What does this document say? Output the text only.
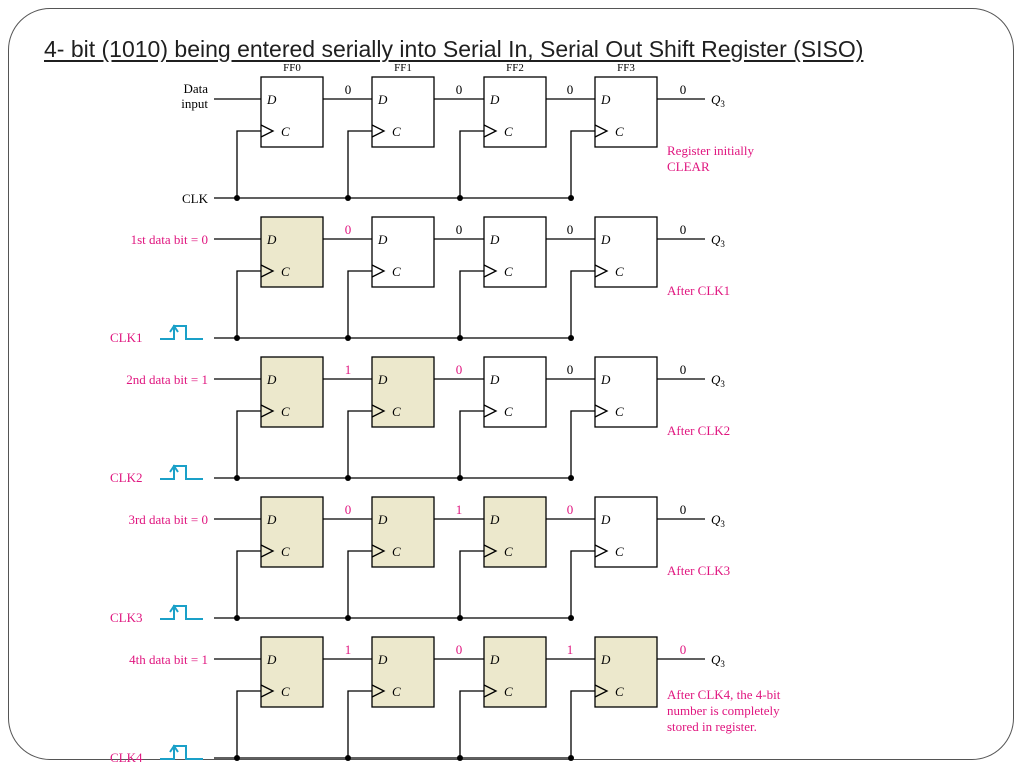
4- bit (1010) being entered serially into Serial In, Serial Out Shift Register (SISO)
FF0	FF1	FF2	FF3
Data
input	D
C
0
D
C
0
D
C
0
D
C
0
$Q_3$
CLK
Register initially
CLEAR
1st data bit = 0	D
C
0
D
C
0
D
C
0
D
C
0
$Q_3$
CLK1
After CLK1
2nd data bit = 1	D
C
1
D
C
0
D
C
0
D
C
0
$Q_3$
CLK2
After CLK2
3rd data bit = 0	D
C
0
D
C
1
D
C
0
D
C
0
$Q_3$
CLK3
After CLK3
4th data bit = 1	D
C
1
D
C
0
D
C
1
D
C
0
$Q_3$
CLK4
After CLK4, the 4-bit
number is completely
stored in register.
